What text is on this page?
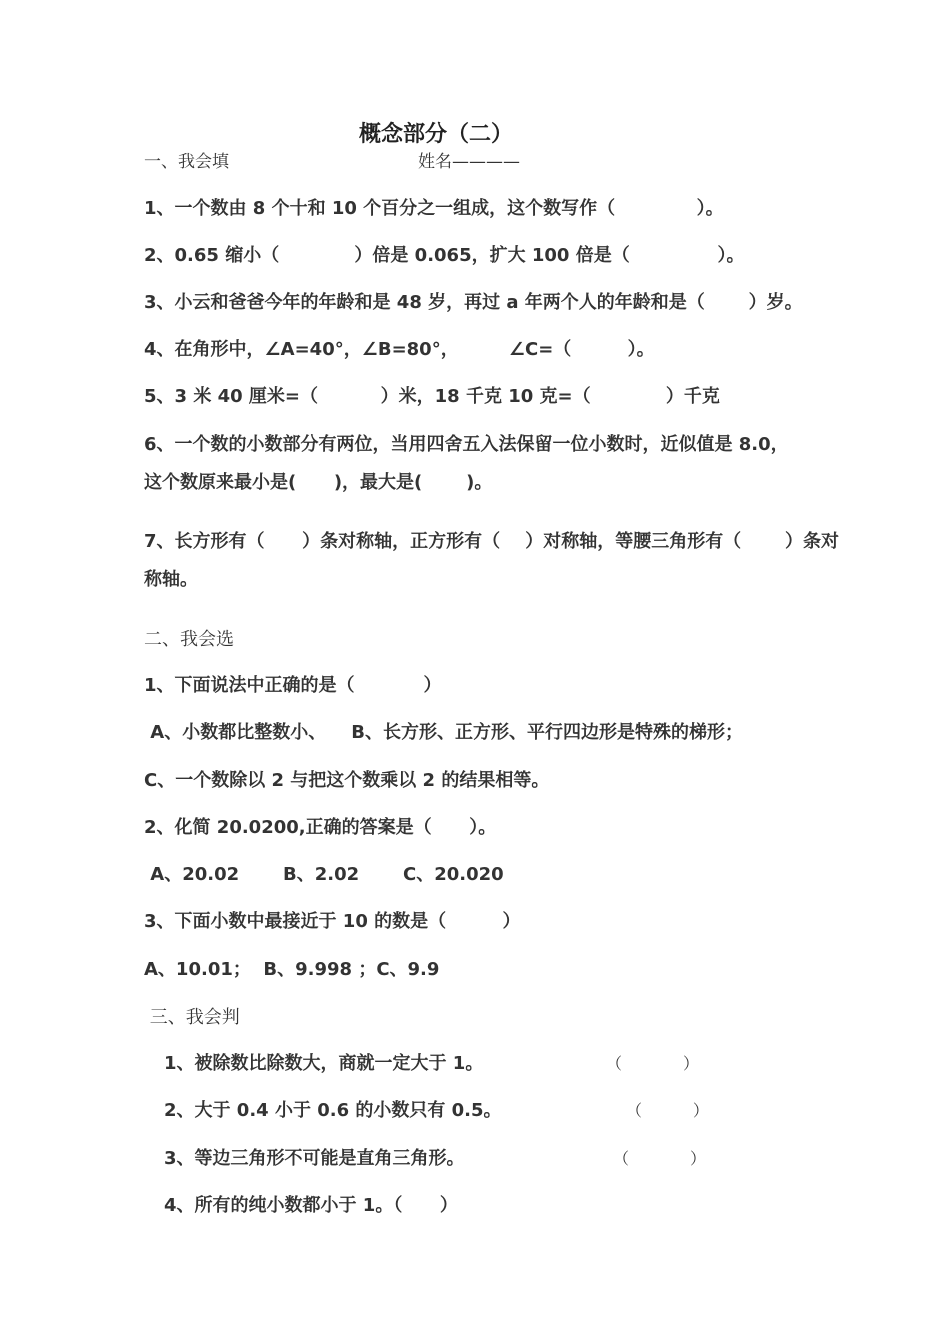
概念部分（二）
一、我会填	姓名————
1、一个数由 8 个十和 10 个百分之一组成，这个数写作（             ）。
2、0.65 缩小（            ）倍是 0.065，扩大 100 倍是（              ）。
3、小云和爸爸今年的年龄和是 48 岁，再过 a 年两个人的年龄和是（       ）岁。
4、在角形中，∠A=40°，∠B=80°，        ∠C=（         ）。
5、3 米 40 厘米=（          ）米，18 千克 10 克=（            ）千克
6、一个数的小数部分有两位，当用四舍五入法保留一位小数时，近似值是 8.0，
这个数原来最小是(      )，最大是(       )。
7、长方形有（      ）条对称轴，正方形有（    ）对称轴，等腰三角形有（       ）条对
称轴。
二、我会选
1、下面说法中正确的是（           ）
A、小数都比整数小、    B、长方形、正方形、平行四边形是特殊的梯形；
C、一个数除以 2 与把这个数乘以 2 的结果相等。
2、化简 20.0200,正确的答案是（      ）。
A、20.02       B、2.02       C、20.020
3、下面小数中最接近于 10 的数是（         ）
A、10.01；  B、9.998 ；C、9.9
三、我会判
1、被除数比除数大，商就一定大于 1。	（            ）
2、大于 0.4 小于 0.6 的小数只有 0.5。	（          ）
3、等边三角形不可能是直角三角形。	（            ）
4、所有的纯小数都小于 1。（      ）
